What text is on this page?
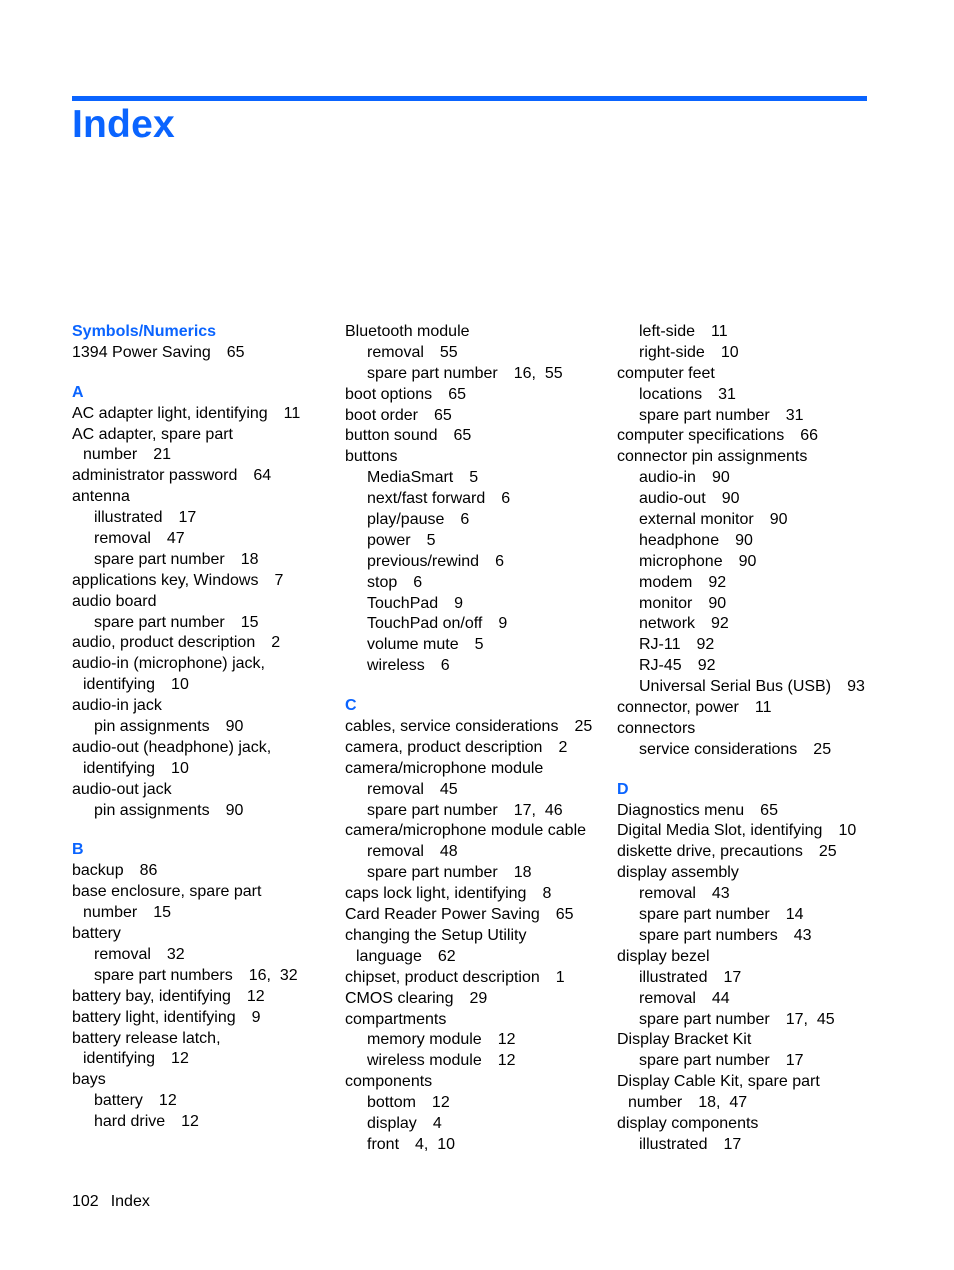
Index
Symbols/Numerics
1394 Power Saving 65
A
AC adapter light, identifying 11
AC adapter, spare part
number 21
administrator password 64
antenna
illustrated 17
removal 47
spare part number 18
applications key, Windows 7
audio board
spare part number 15
audio, product description 2
audio-in (microphone) jack,
identifying 10
audio-in jack
pin assignments 90
audio-out (headphone) jack,
identifying 10
audio-out jack
pin assignments 90
B
backup 86
base enclosure, spare part
number 15
battery
removal 32
spare part numbers 16,  32
battery bay, identifying 12
battery light, identifying 9
battery release latch,
identifying 12
bays
battery 12
hard drive 12
Bluetooth module
removal 55
spare part number 16,  55
boot options 65
boot order 65
button sound 65
buttons
MediaSmart 5
next/fast forward 6
play/pause 6
power 5
previous/rewind 6
stop 6
TouchPad 9
TouchPad on/off 9
volume mute 5
wireless 6
C
cables, service considerations 25
camera, product description 2
camera/microphone module
removal 45
spare part number 17,  46
camera/microphone module cable
removal 48
spare part number 18
caps lock light, identifying 8
Card Reader Power Saving 65
changing the Setup Utility
language 62
chipset, product description 1
CMOS clearing 29
compartments
memory module 12
wireless module 12
components
bottom 12
display 4
front 4,  10
left-side 11
right-side 10
computer feet
locations 31
spare part number 31
computer specifications 66
connector pin assignments
audio-in 90
audio-out 90
external monitor 90
headphone 90
microphone 90
modem 92
monitor 90
network 92
RJ-11 92
RJ-45 92
Universal Serial Bus (USB) 93
connector, power 11
connectors
service considerations 25
D
Diagnostics menu 65
Digital Media Slot, identifying 10
diskette drive, precautions 25
display assembly
removal 43
spare part number 14
spare part numbers 43
display bezel
illustrated 17
removal 44
spare part number 17,  45
Display Bracket Kit
spare part number 17
Display Cable Kit, spare part
number 18,  47
display components
illustrated 17
102 Index
